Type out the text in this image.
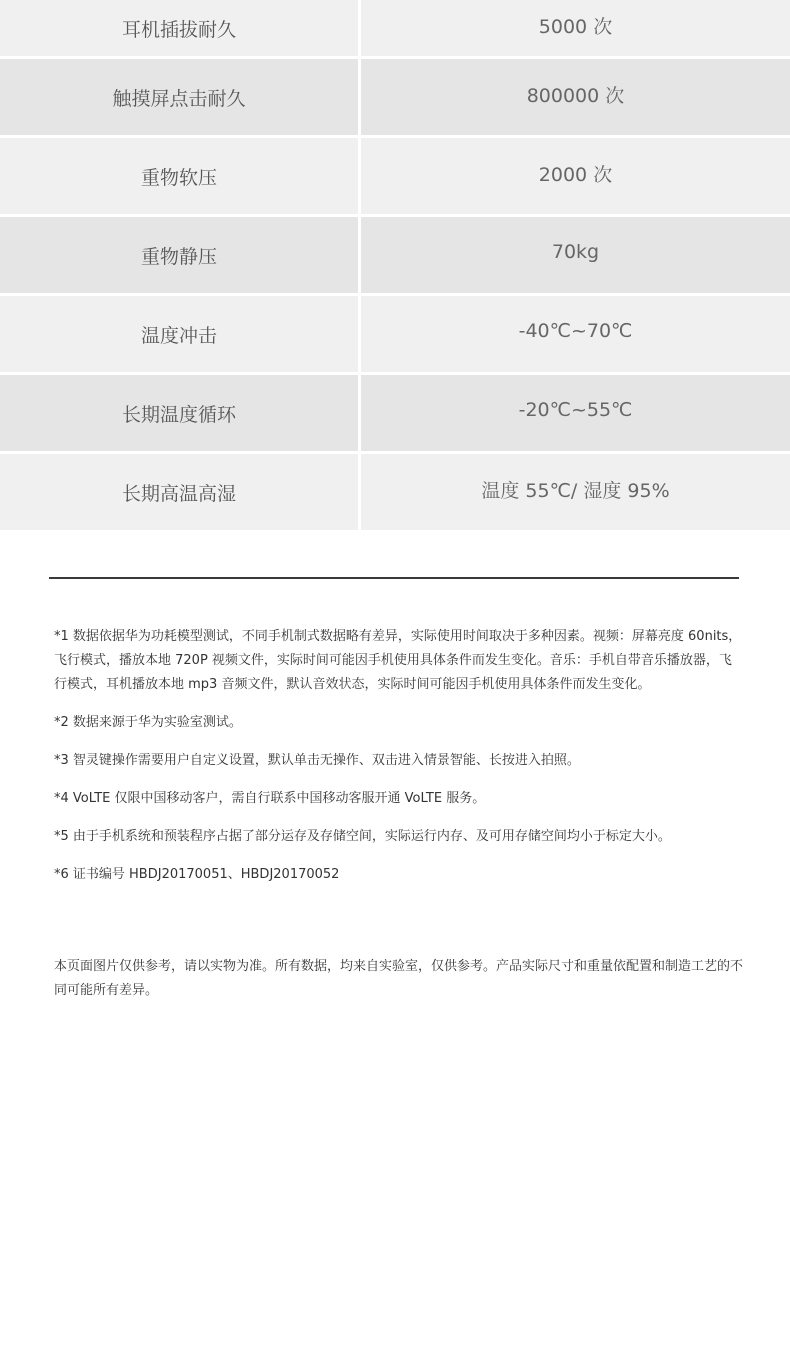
耳机插拔耐久	5000 次
触摸屏点击耐久	800000 次
重物软压	2000 次
重物静压	70kg
温度冲击	-40℃~70℃
长期温度循环	-20℃~55℃
长期高温高湿	温度 55℃/ 湿度 95%

*1 数据依据华为功耗模型测试，不同手机制式数据略有差异，实际使用时间取决于多种因素。视频：屏幕亮度 60nits，飞行模式，播放本地 720P 视频文件，实际时间可能因手机使用具体条件而发生变化。音乐：手机自带音乐播放器，飞行模式，耳机播放本地 mp3 音频文件，默认音效状态，实际时间可能因手机使用具体条件而发生变化。

*2 数据来源于华为实验室测试。

*3 智灵键操作需要用户自定义设置，默认单击无操作、双击进入情景智能、长按进入拍照。

*4 VoLTE 仅限中国移动客户，需自行联系中国移动客服开通 VoLTE 服务。

*5 由于手机系统和预装程序占据了部分运存及存储空间，实际运行内存、及可用存储空间均小于标定大小。

*6 证书编号 HBDJ20170051、HBDJ20170052

本页面图片仅供参考，请以实物为准。所有数据，均来自实验室，仅供参考。产品实际尺寸和重量依配置和制造工艺的不同可能所有差异。
